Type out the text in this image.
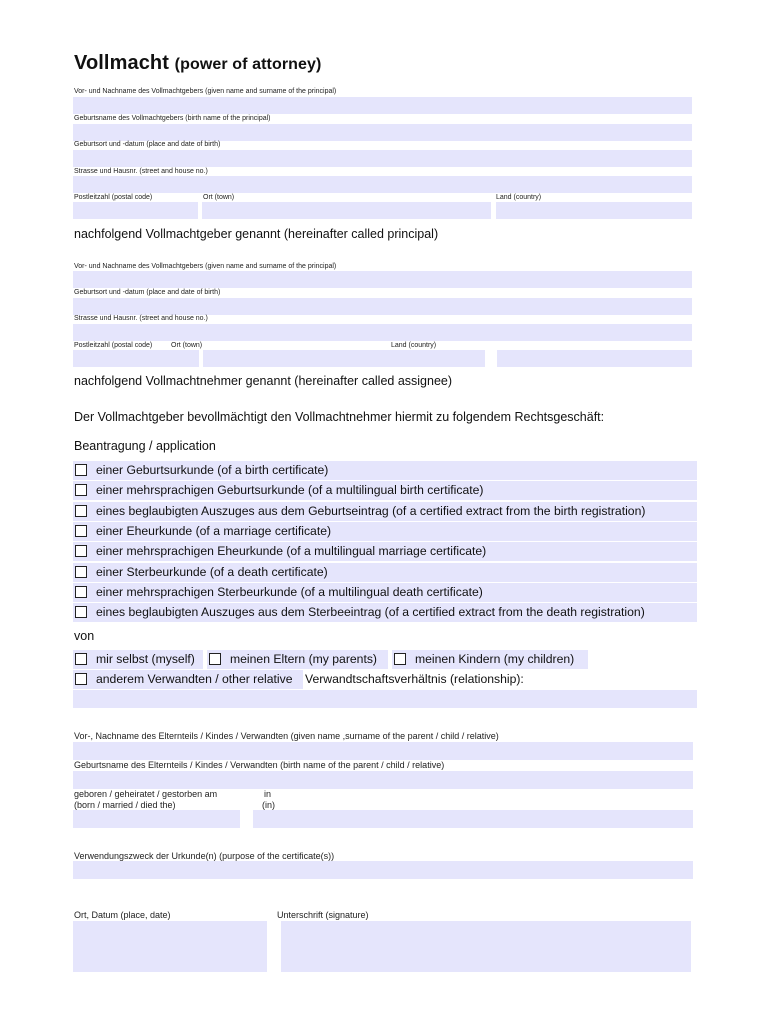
Vollmacht (power of attorney)
Vor- und Nachname des Vollmachtgebers (given name and surname of the principal)
Geburtsname des Vollmachtgebers (birth name of the principal)
Geburtsort und -datum (place and date of birth)
Strasse und Hausnr. (street and house no.)
Postleitzahl (postal code)	Ort (town)	Land (country)
nachfolgend Vollmachtgeber genannt (hereinafter called principal)
Vor- und Nachname des Vollmachtgebers (given name and surname of the principal)
Geburtsort und -datum (place and date of birth)
Strasse und Hausnr. (street and house no.)
Postleitzahl (postal code)	Ort (town)	Land (country)
nachfolgend Vollmachtnehmer genannt (hereinafter called assignee)
Der Vollmachtgeber bevollmächtigt den Vollmachtnehmer hiermit zu folgendem Rechtsgeschäft:
Beantragung / application
einer Geburtsurkunde (of a birth certificate)
einer mehrsprachigen Geburtsurkunde (of a multilingual birth certificate)
eines beglaubigten Auszuges aus dem Geburtseintrag (of a certified extract from the birth registration)
einer Eheurkunde (of a marriage certificate)
einer mehrsprachigen Eheurkunde (of a multilingual marriage certificate)
einer Sterbeurkunde (of a death certificate)
einer mehrsprachigen Sterbeurkunde (of a multilingual death certificate)
eines beglaubigten Auszuges aus dem Sterbeeintrag (of a certified extract from the death registration)
von
mir selbst (myself)	meinen Eltern (my parents)	meinen Kindern (my children)
anderem Verwandten / other relative	Verwandtschaftsverhältnis (relationship):
Vor-, Nachname des Elternteils / Kindes / Verwandten (given name ,surname of the parent / child / relative)
Geburtsname des Elternteils / Kindes / Verwandten (birth name of the parent / child / relative)
geboren / geheiratet / gestorben am
(born / married / died the)
in
(in)
Verwendungszweck der Urkunde(n) (purpose of the certificate(s))
Ort, Datum (place, date)	Unterschrift (signature)
